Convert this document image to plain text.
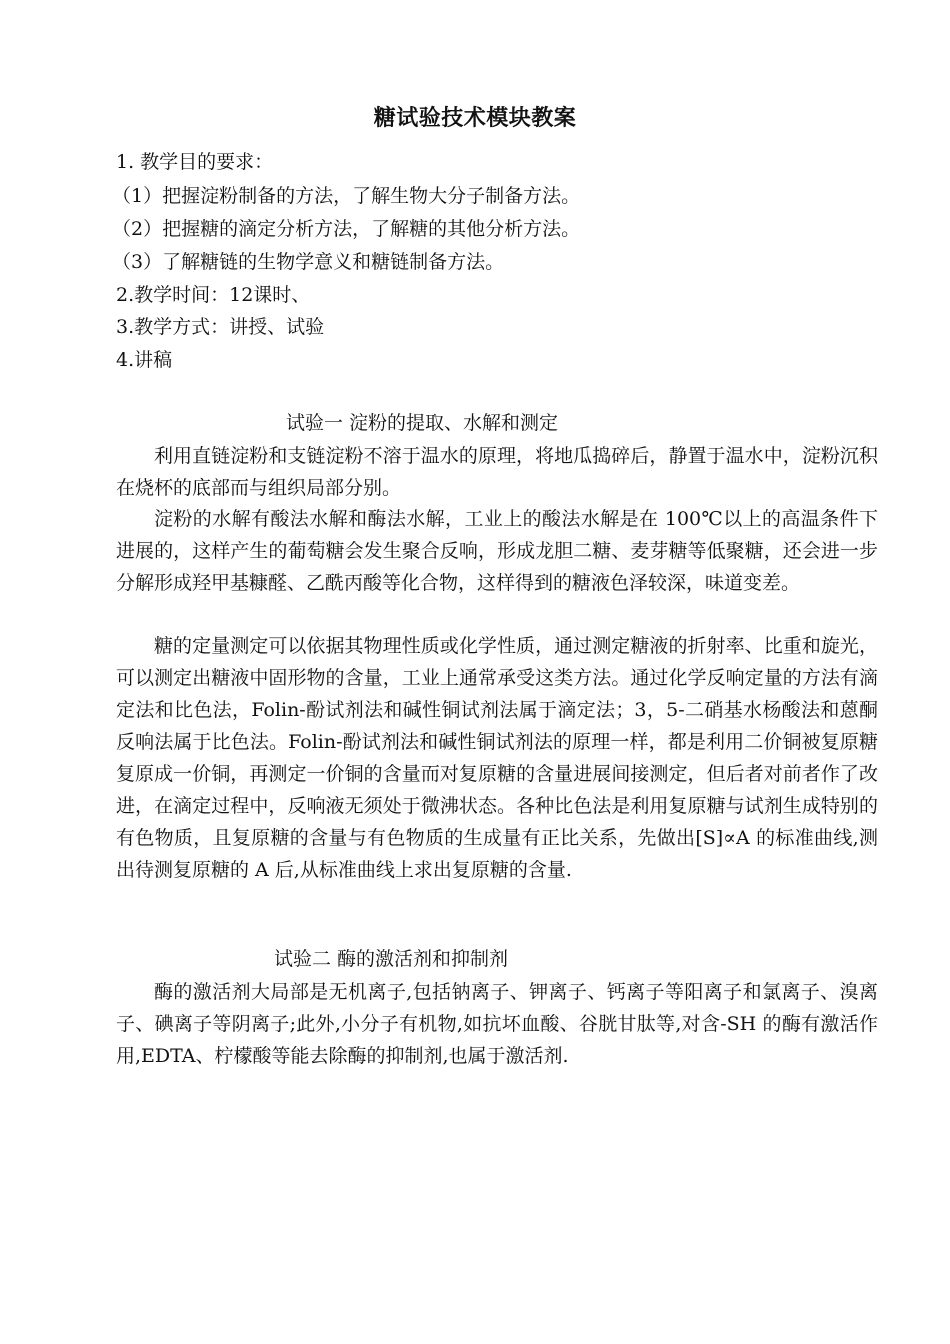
糖试验技术模块教案
1. 教学目的要求：
（1）把握淀粉制备的方法，了解生物大分子制备方法。
（2）把握糖的滴定分析方法，了解糖的其他分析方法。
（3）了解糖链的生物学意义和糖链制备方法。
2.教学时间：12课时、
3.教学方式：讲授、试验
4.讲稿
试验一 淀粉的提取、水解和测定

利用直链淀粉和支链淀粉不溶于温水的原理，将地瓜捣碎后，静置于温水中，淀粉沉积在烧杯的底部而与组织局部分别。

淀粉的水解有酸法水解和酶法水解，工业上的酸法水解是在 100℃以上的高温条件下进展的，这样产生的葡萄糖会发生聚合反响，形成龙胆二糖、麦芽糖等低聚糖，还会进一步分解形成羟甲基糠醛、乙酰丙酸等化合物，这样得到的糖液色泽较深，味道变差。

糖的定量测定可以依据其物理性质或化学性质，通过测定糖液的折射率、比重和旋光，可以测定出糖液中固形物的含量，工业上通常承受这类方法。通过化学反响定量的方法有滴定法和比色法，Folin-酚试剂法和碱性铜试剂法属于滴定法；3，5-二硝基水杨酸法和蒽酮反响法属于比色法。Folin-酚试剂法和碱性铜试剂法的原理一样，都是利用二价铜被复原糖复原成一价铜，再测定一价铜的含量而对复原糖的含量进展间接测定，但后者对前者作了改进，在滴定过程中，反响液无须处于微沸状态。各种比色法是利用复原糖与试剂生成特别的有色物质，且复原糖的含量与有色物质的生成量有正比关系，先做出[S]∝A 的标准曲线,测出待测复原糖的 A 后,从标准曲线上求出复原糖的含量.

试验二 酶的激活剂和抑制剂

酶的激活剂大局部是无机离子,包括钠离子、钾离子、钙离子等阳离子和氯离子、溴离子、碘离子等阴离子;此外,小分子有机物,如抗坏血酸、谷胱甘肽等,对含-SH 的酶有激活作用,EDTA、柠檬酸等能去除酶的抑制剂,也属于激活剂.
